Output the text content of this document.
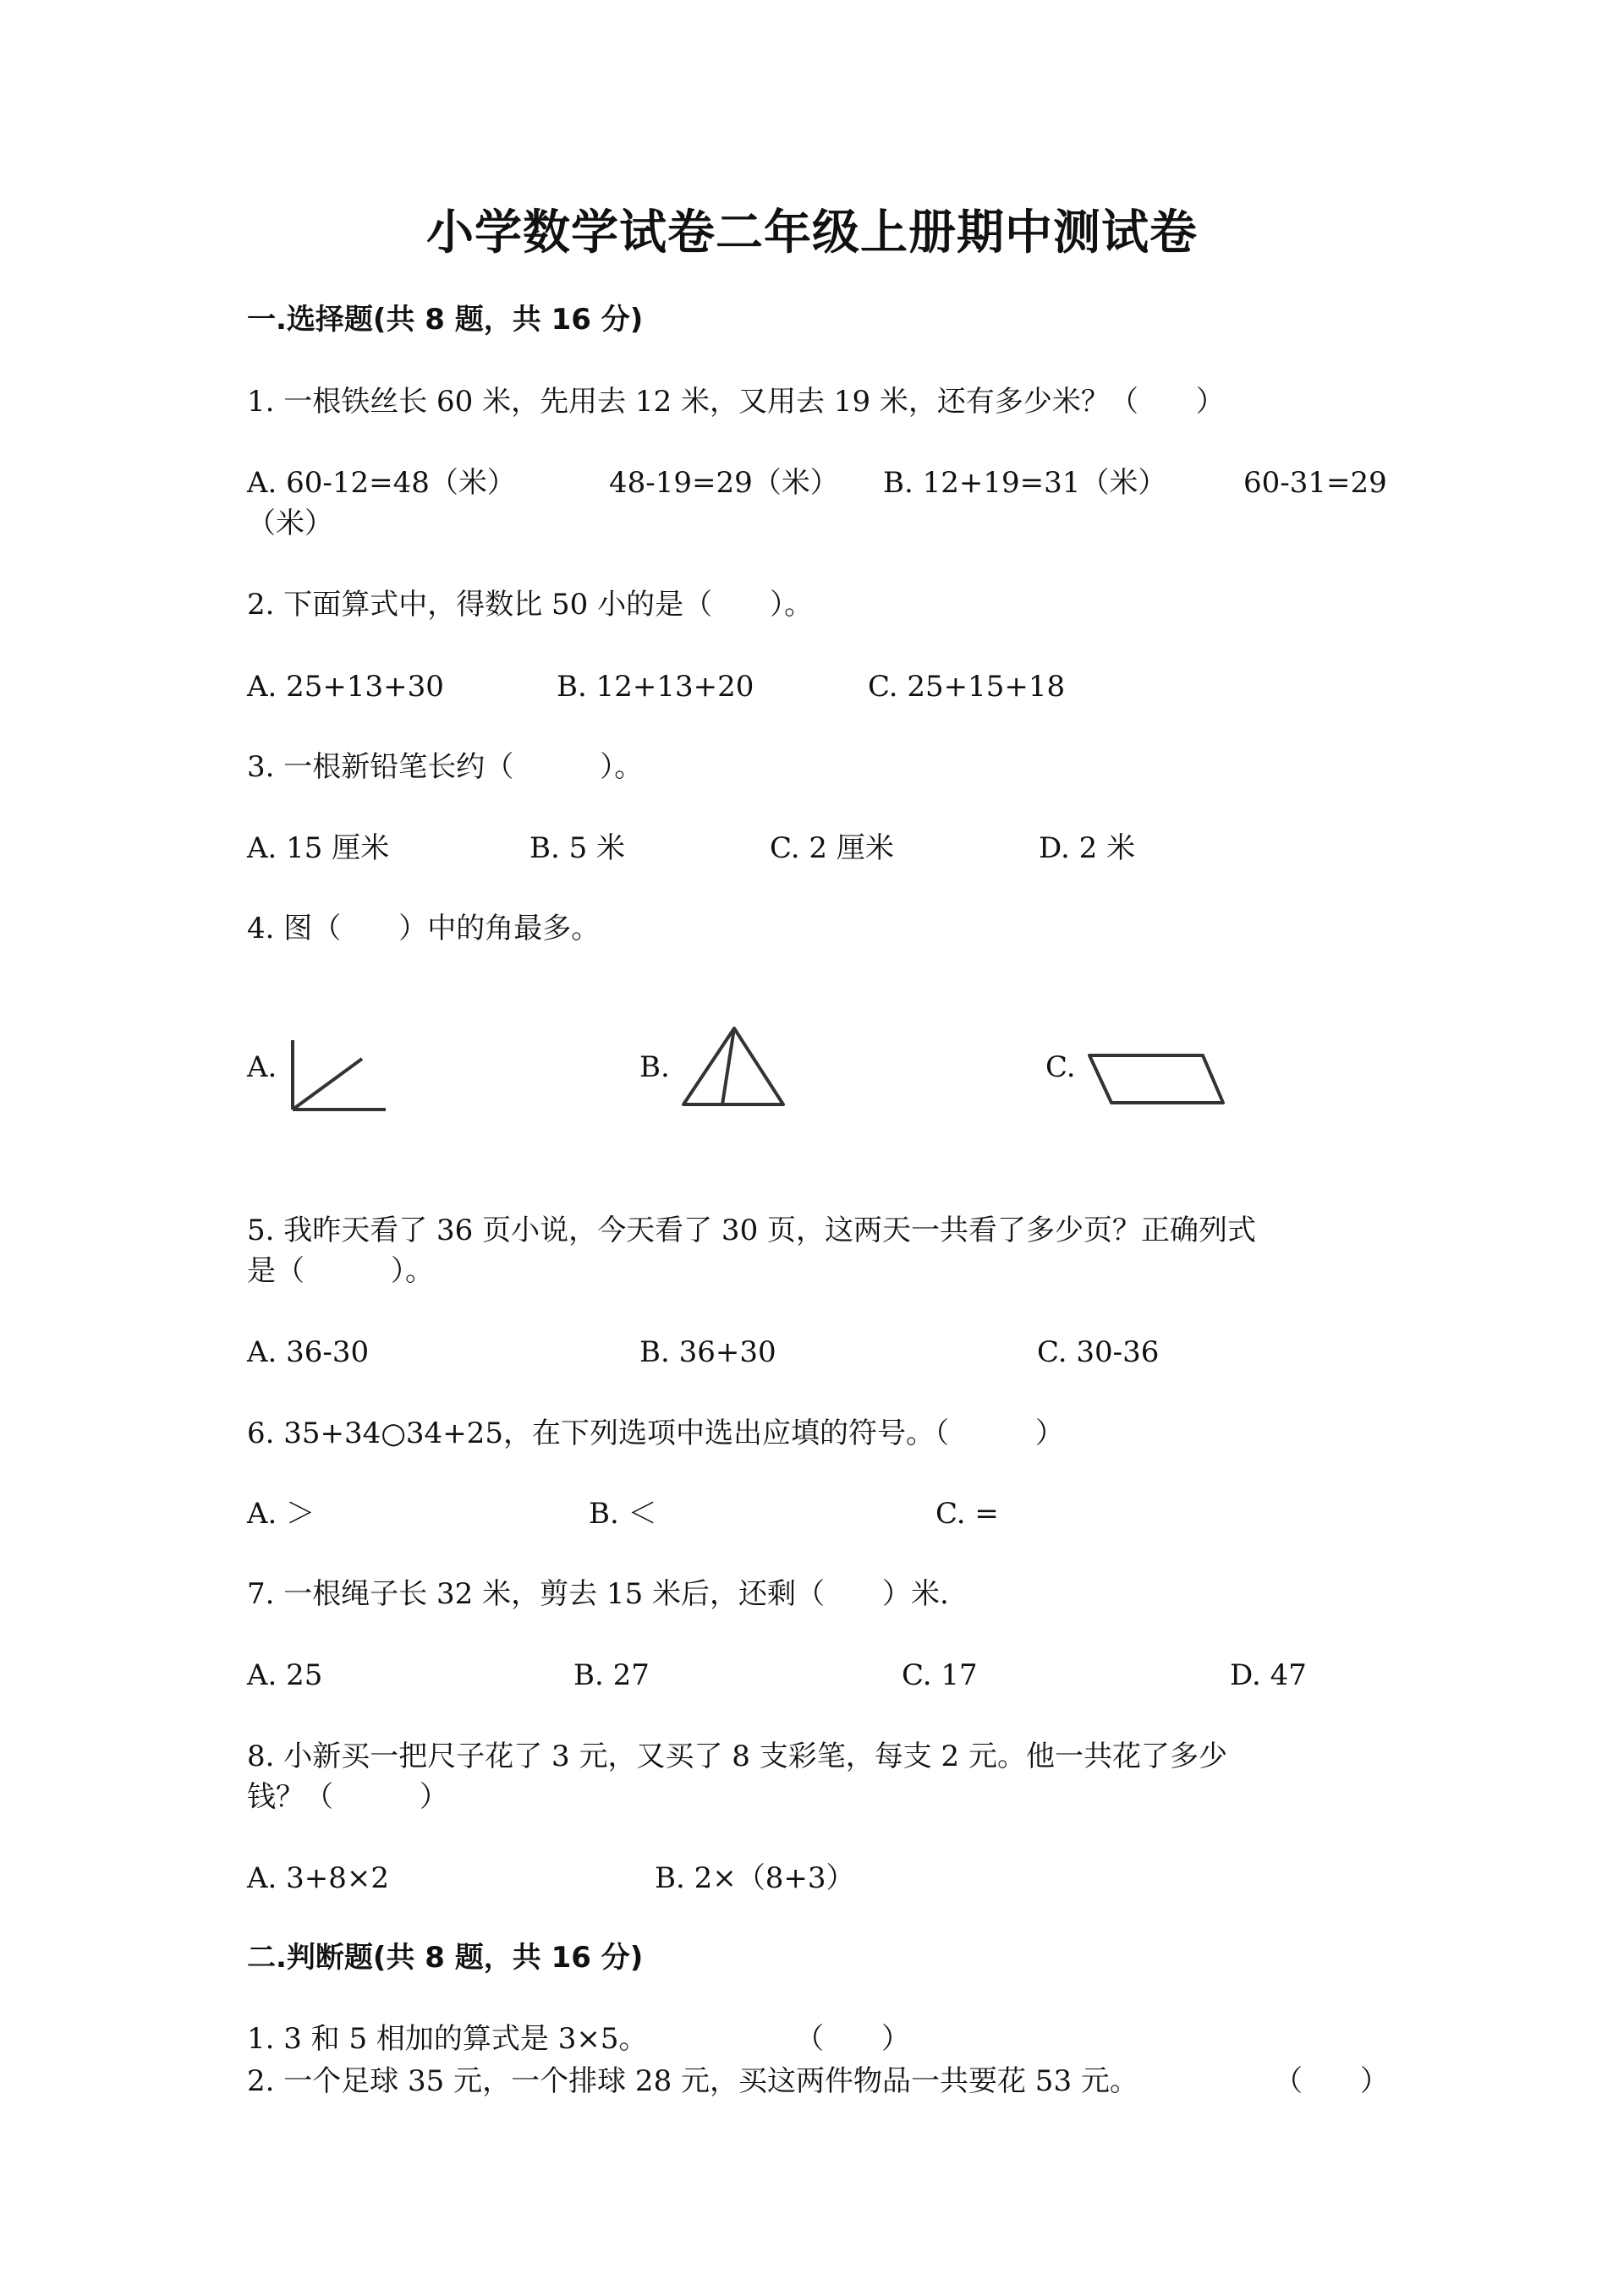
小学数学试卷二年级上册期中测试卷
一.选择题(共 8 题，共 16 分)
1. 一根铁丝长 60 米，先用去 12 米，又用去 19 米，还有多少米？（　　）
A. 60-12=48（米）	48-19=29（米） B. 12+19=31（米）	60-31=29
（米）
2. 下面算式中，得数比 50 小的是（　　）。
A. 25+13+30	B. 12+13+20	C. 25+15+18
3. 一根新铅笔长约（　　　）。
A. 15 厘米	B. 5 米	C. 2 厘米	D. 2 米
4. 图（　　）中的角最多。
A.	B.	C.
5. 我昨天看了 36 页小说，今天看了 30 页，这两天一共看了多少页？正确列式
是（　　　）。
A. 36-30	B. 36+30	C. 30-36
6. 35+34○34+25，在下列选项中选出应填的符号。（　　　）
A. ＞	B. ＜	C. =
7. 一根绳子长 32 米，剪去 15 米后，还剩（　　）米.
A. 25	B. 27	C. 17	D. 47
8. 小新买一把尺子花了 3 元，又买了 8 支彩笔，每支 2 元。他一共花了多少
钱？（　　　）
A. 3+8×2	B. 2×（8+3）
二.判断题(共 8 题，共 16 分)
1. 3 和 5 相加的算式是 3×5。	（　　）
2. 一个足球 35 元，一个排球 28 元，买这两件物品一共要花 53 元。	（　　）
